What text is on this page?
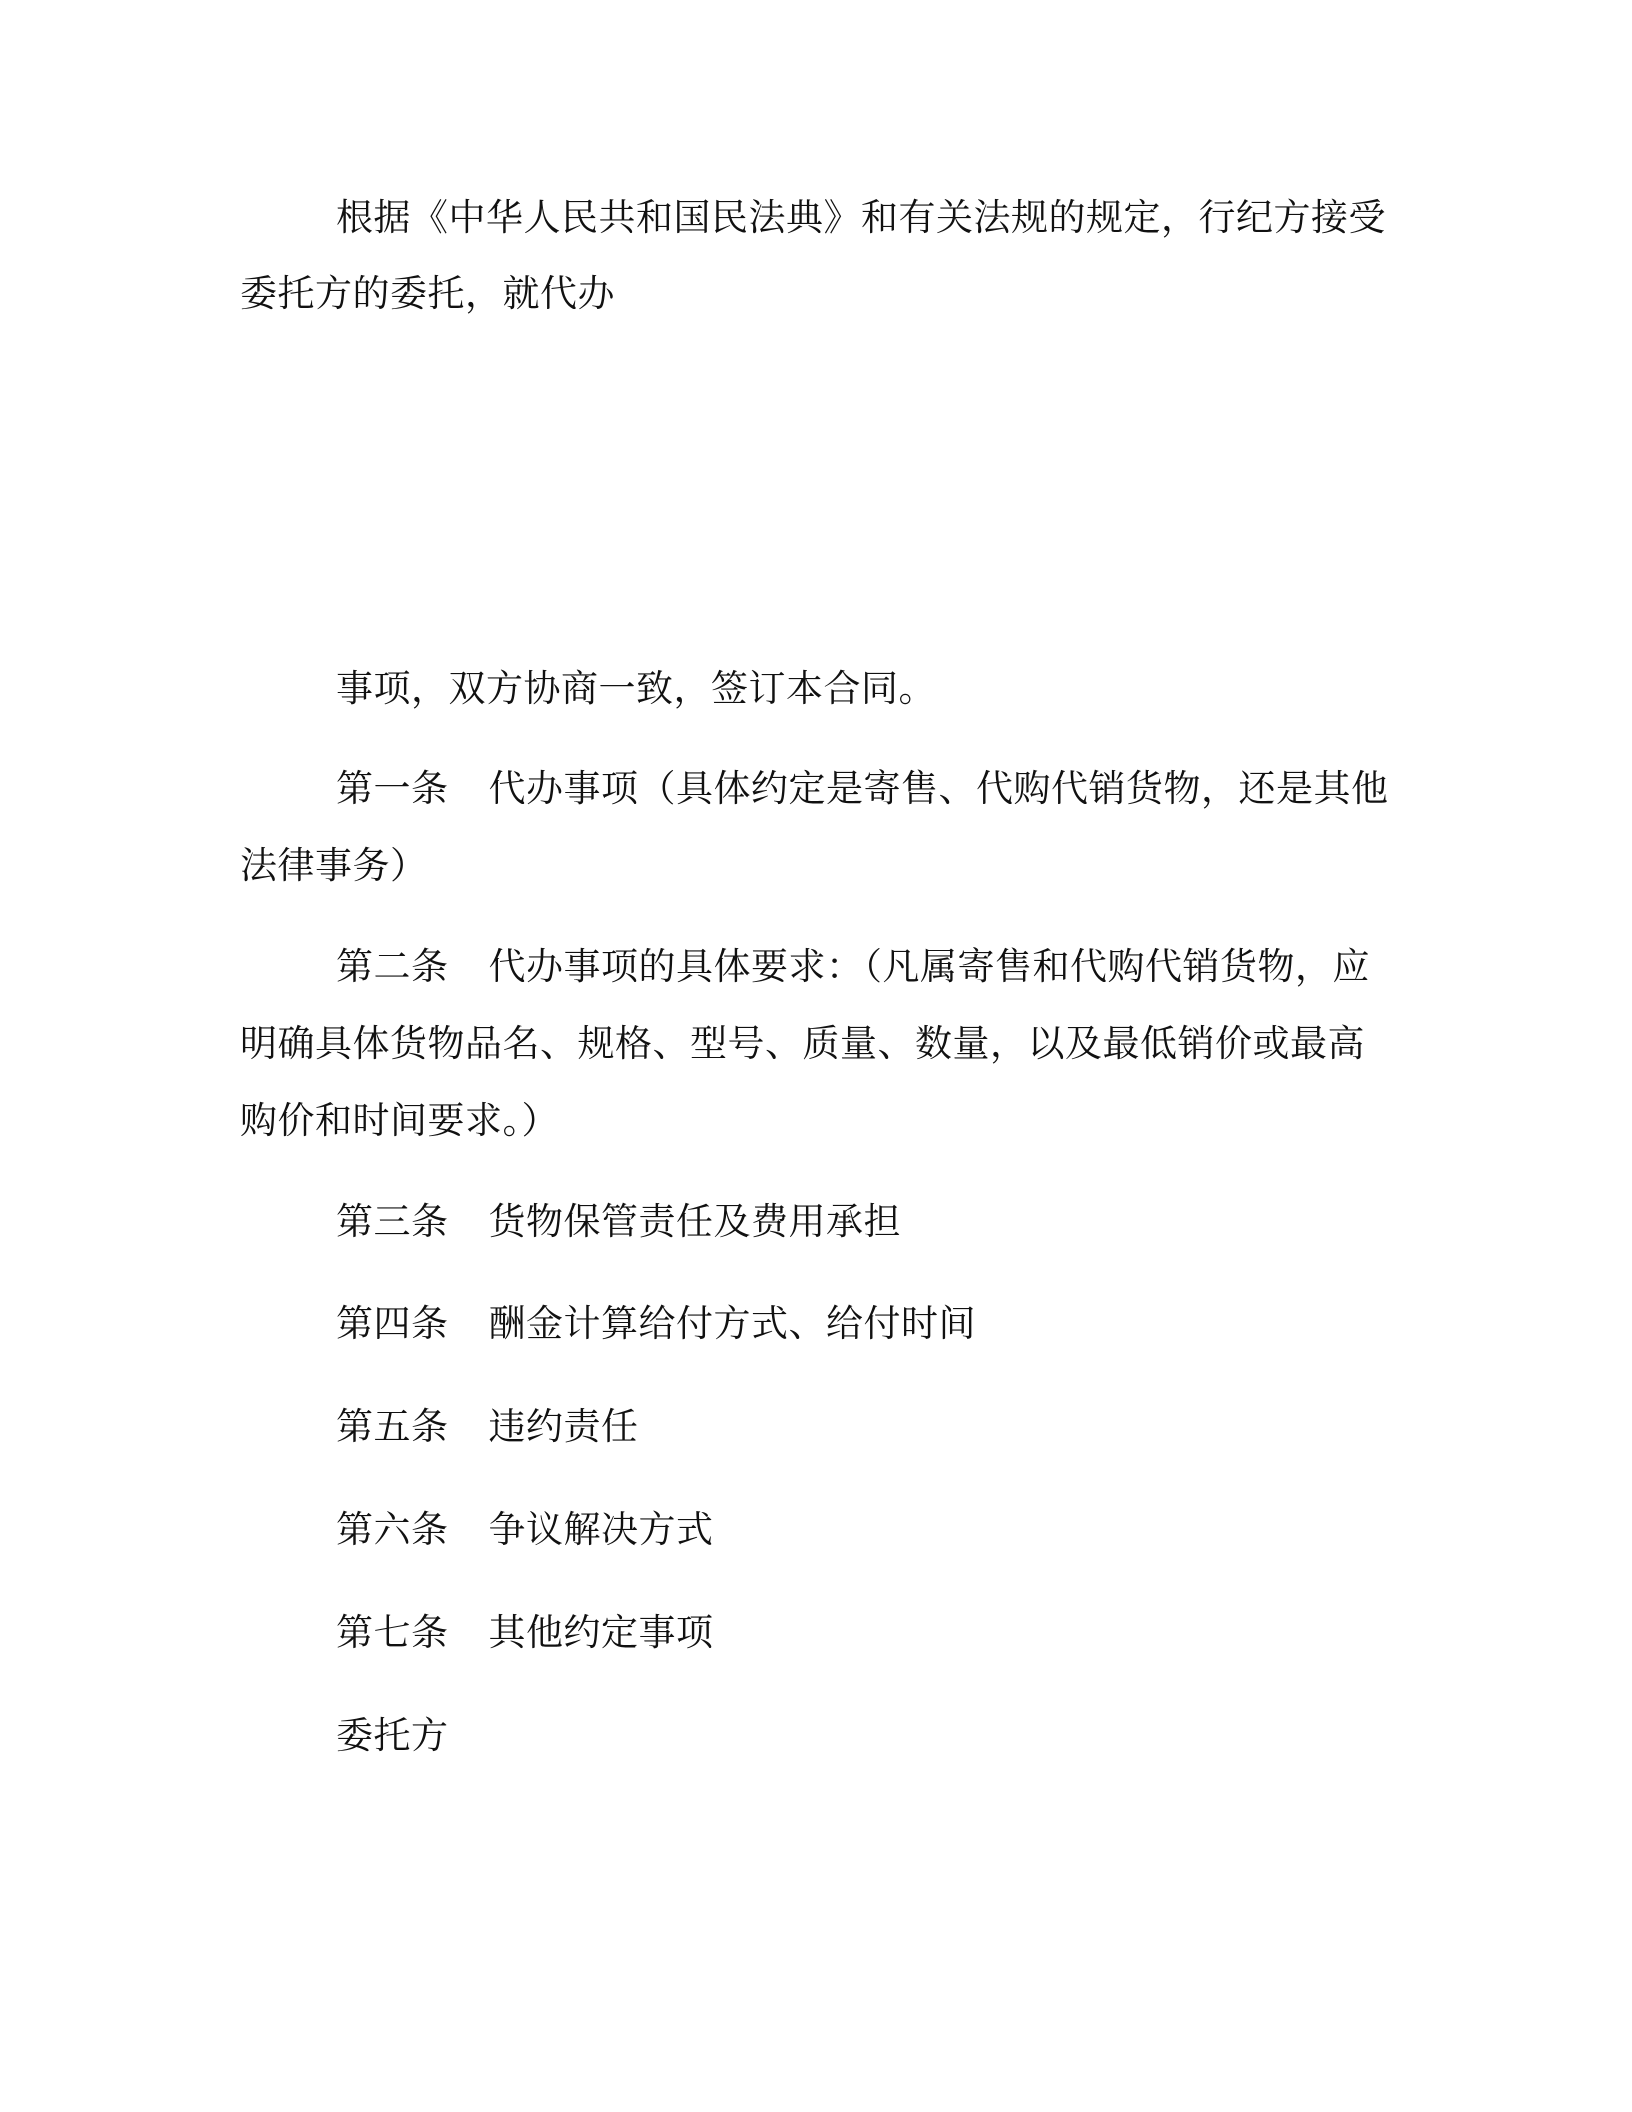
根据《中华人民共和国民法典》和有关法规的规定，行纪方接受
委托方的委托，就代办
事项，双方协商一致，签订本合同。
第一条 代办事项（具体约定是寄售、代购代销货物，还是其他
法律事务）
第二条 代办事项的具体要求：（凡属寄售和代购代销货物，应
明确具体货物品名、规格、型号、质量、数量，以及最低销价或最高
购价和时间要求。）
第三条 货物保管责任及费用承担
第四条 酬金计算给付方式、给付时间
第五条 违约责任
第六条 争议解决方式
第七条 其他约定事项
委托方
